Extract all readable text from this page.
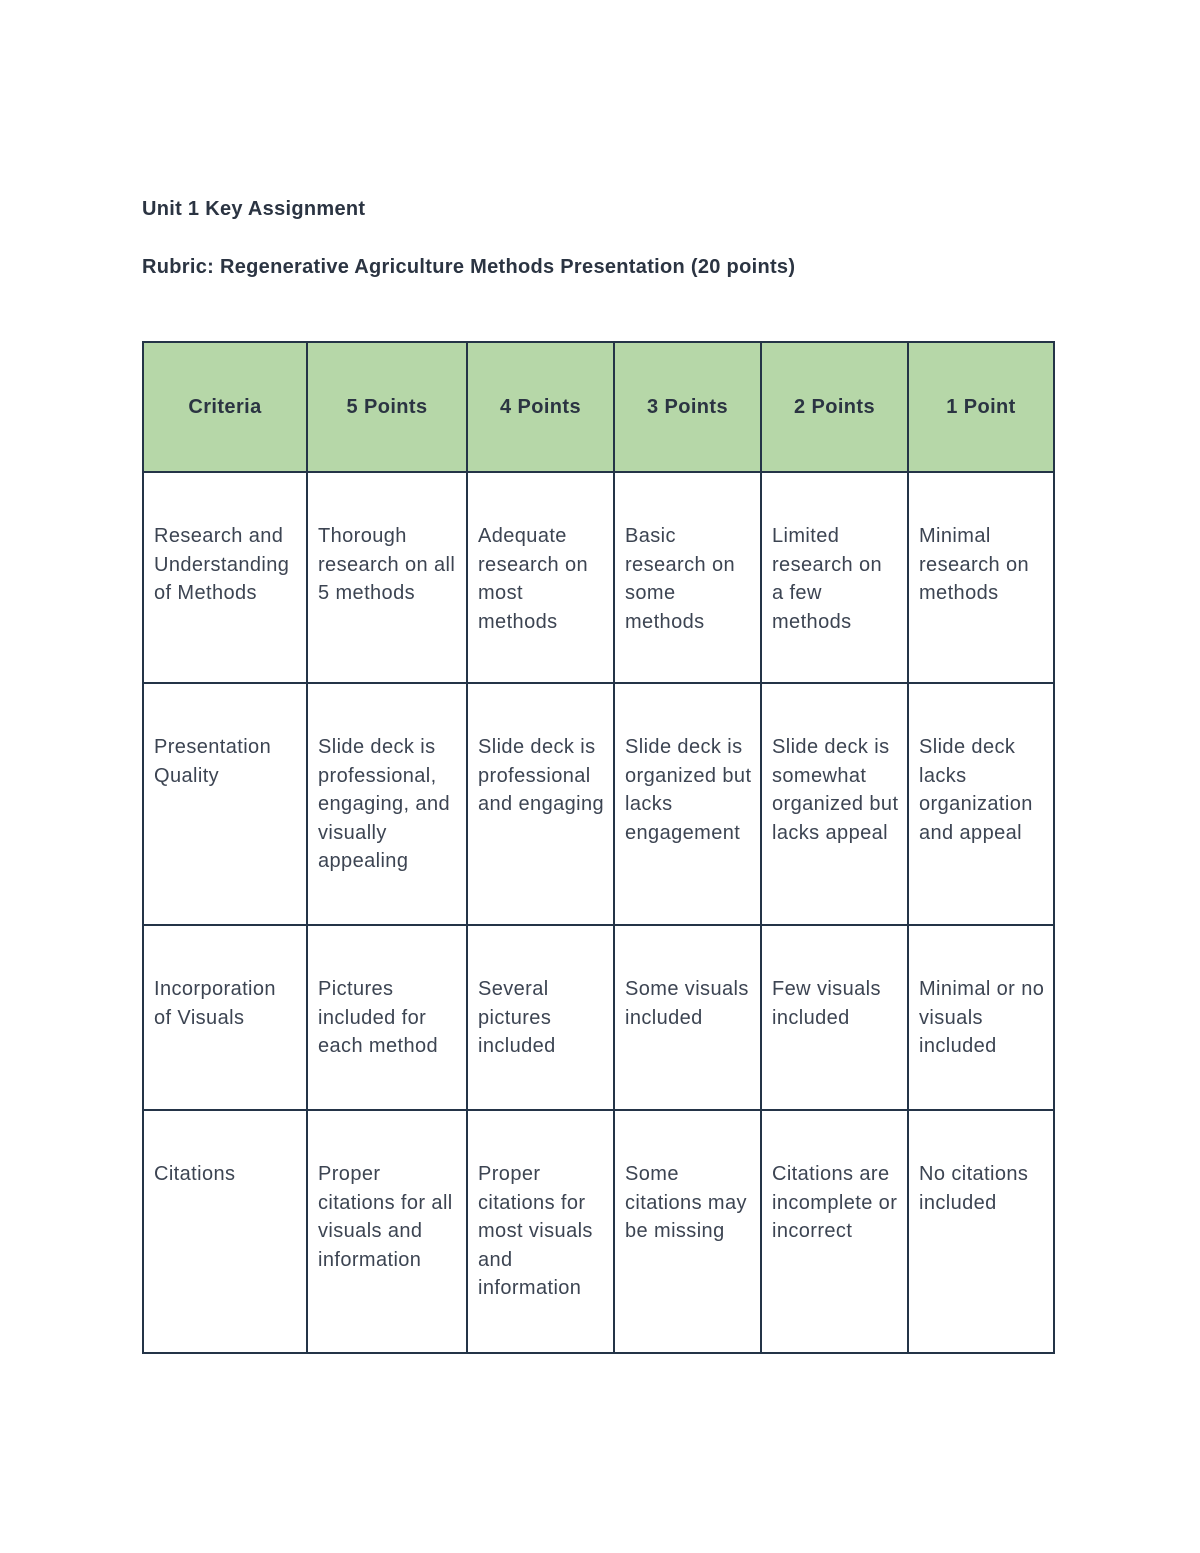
Unit 1 Key Assignment
Rubric: Regenerative Agriculture Methods Presentation (20 points)
Criteria	5 Points	4 Points	3 Points	2 Points	1 Point
Research and Understanding of Methods	Thorough research on all 5 methods	Adequate research on most methods	Basic research on some methods	Limited research on a few methods	Minimal research on methods
Presentation Quality	Slide deck is professional, engaging, and visually appealing	Slide deck is professional and engaging	Slide deck is organized but lacks engagement	Slide deck is somewhat organized but lacks appeal	Slide deck lacks organization and appeal
Incorporation of Visuals	Pictures included for each method	Several pictures included	Some visuals included	Few visuals included	Minimal or no visuals included
Citations	Proper citations for all visuals and information	Proper citations for most visuals and information	Some citations may be missing	Citations are incomplete or incorrect	No citations included
